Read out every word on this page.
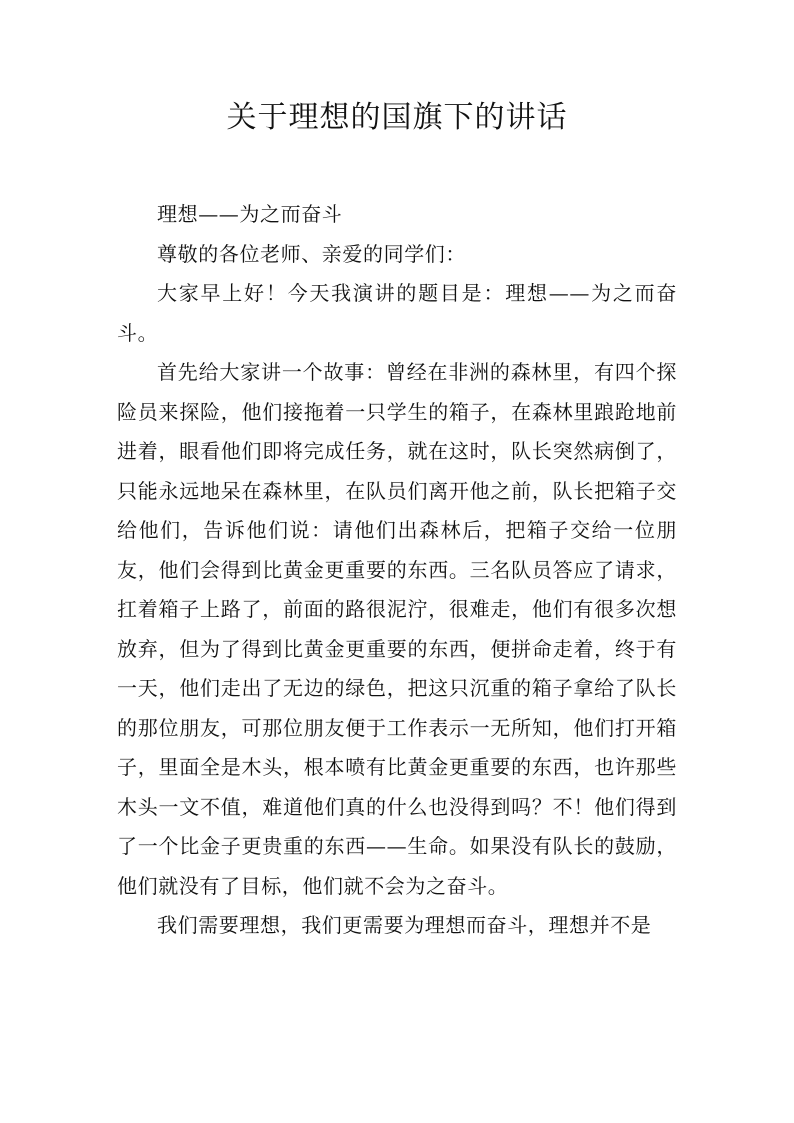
关于理想的国旗下的讲话

理想——为之而奋斗

尊敬的各位老师、亲爱的同学们：

大家早上好！今天我演讲的题目是：理想——为之而奋斗。

首先给大家讲一个故事：曾经在非洲的森林里，有四个探险员来探险，他们接拖着一只学生的箱子，在森林里踉跄地前进着，眼看他们即将完成任务，就在这时，队长突然病倒了，只能永远地呆在森林里，在队员们离开他之前，队长把箱子交给他们，告诉他们说：请他们出森林后，把箱子交给一位朋友，他们会得到比黄金更重要的东西。三名队员答应了请求，扛着箱子上路了，前面的路很泥泞，很难走，他们有很多次想放弃，但为了得到比黄金更重要的东西，便拼命走着，终于有一天，他们走出了无边的绿色，把这只沉重的箱子拿给了队长的那位朋友，可那位朋友便于工作表示一无所知，他们打开箱子，里面全是木头，根本喷有比黄金更重要的东西，也许那些木头一文不值，难道他们真的什么也没得到吗？不！他们得到了一个比金子更贵重的东西——生命。如果没有队长的鼓励，他们就没有了目标，他们就不会为之奋斗。

我们需要理想，我们更需要为理想而奋斗，理想并不是
